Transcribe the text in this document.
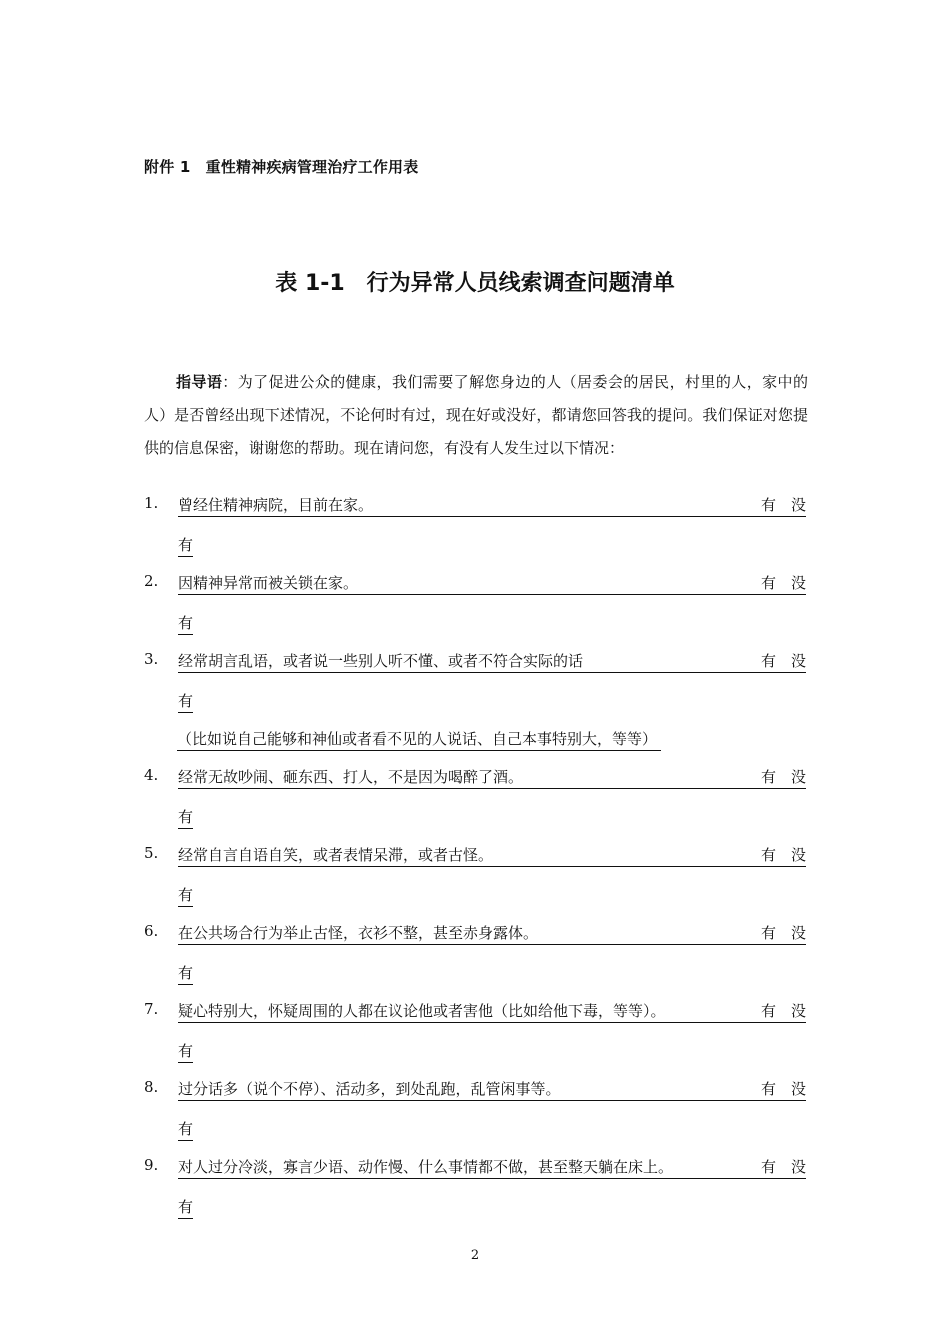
附件 1　重性精神疾病管理治疗工作用表
表 1-1　行为异常人员线索调查问题清单
指导语：为了促进公众的健康，我们需要了解您身边的人（居委会的居民，村里的人，家中的人）是否曾经出现下述情况，不论何时有过，现在好或没好，都请您回答我的提问。我们保证对您提供的信息保密，谢谢您的帮助。现在请问您，有没有人发生过以下情况：
1. 曾经住精神病院，目前在家。	有　 没
有
2. 因精神异常而被关锁在家。	有　 没
有
3. 经常胡言乱语，或者说一些别人听不懂、或者不符合实际的话	有　 没
有
（比如说自己能够和神仙或者看不见的人说话、自己本事特别大，等等）
4. 经常无故吵闹、砸东西、打人，不是因为喝醉了酒。	有　 没
有
5. 经常自言自语自笑，或者表情呆滞，或者古怪。	有　 没
有
6. 在公共场合行为举止古怪，衣衫不整，甚至赤身露体。	有　 没
有
7. 疑心特别大，怀疑周围的人都在议论他或者害他（比如给他下毒，等等）。	有　 没
有
8. 过分话多（说个不停）、活动多，到处乱跑，乱管闲事等。	有　 没
有
9. 对人过分冷淡，寡言少语、动作慢、什么事情都不做，甚至整天躺在床上。	有　 没
有
2
